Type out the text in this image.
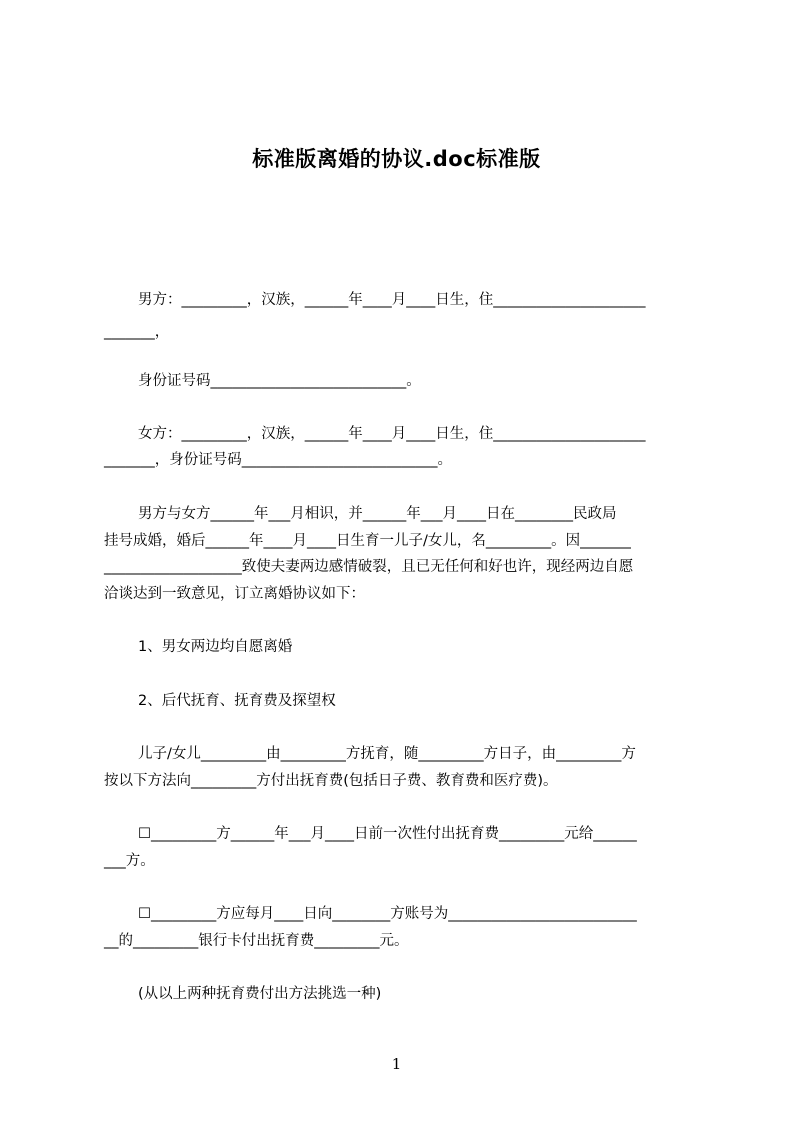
标准版离婚的协议.doc标准版
男方：_________，汉族，______年____月____日生，住_____________________
_______，
身份证号码___________________________。
女方：_________，汉族，______年____月____日生，住_____________________
_______，身份证号码___________________________。
男方与女方______年___月相识，并______年___月____日在________民政局
挂号成婚，婚后______年____月____日生育一儿子/女儿，名_________。因_______
___________________致使夫妻两边感情破裂，且已无任何和好也许，现经两边自愿
洽谈达到一致意见，订立离婚协议如下：
1、男女两边均自愿离婚
2、后代抚育、抚育费及探望权
儿子/女儿_________由_________方抚育，随_________方日子，由_________方
按以下方法向_________方付出抚育费(包括日子费、教育费和医疗费)。
☐_________方______年___月____日前一次性付出抚育费_________元给______
___方。
☐_________方应每月____日向________方账号为__________________________
__的_________银行卡付出抚育费_________元。
(从以上两种抚育费付出方法挑选一种)
1
